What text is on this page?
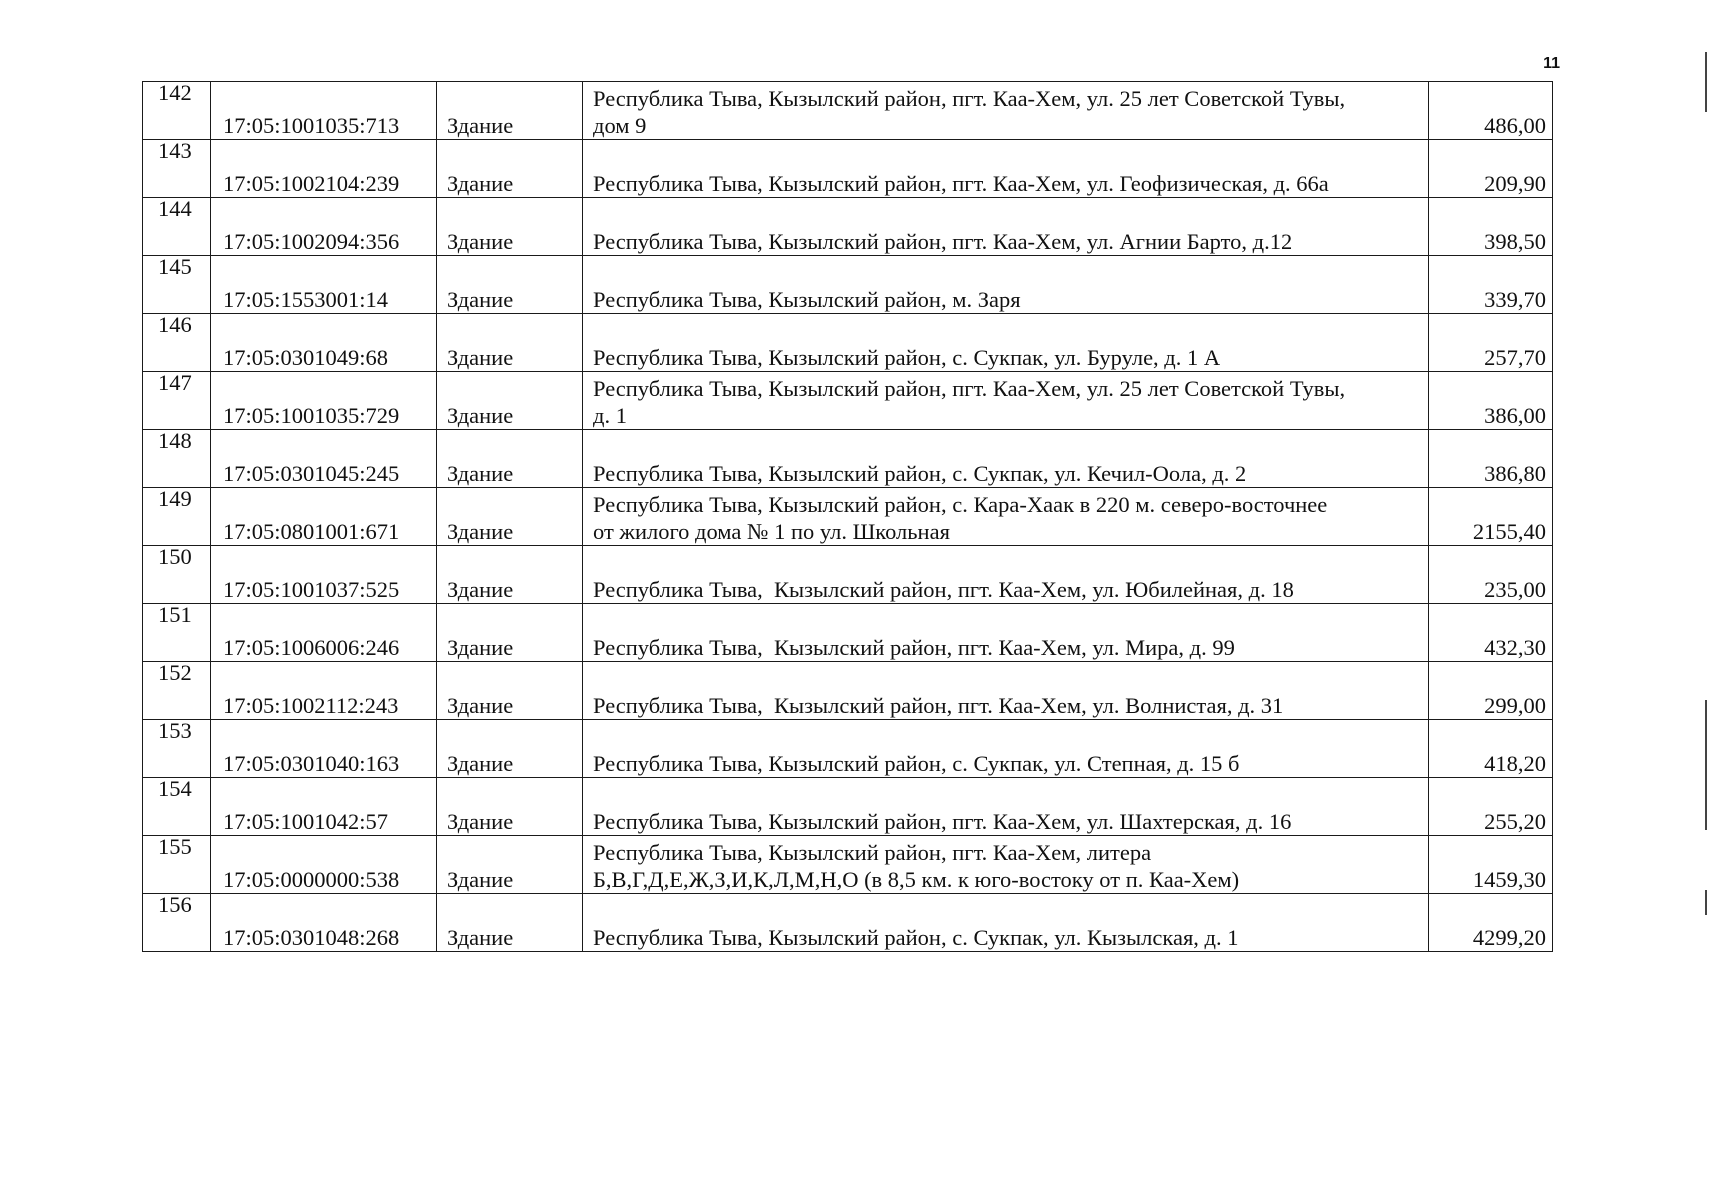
11
142	17:05:1001035:713	Здание	Республика Тыва, Кызылский район, пгт. Каа-Хем, ул. 25 лет Советской Тувы,
дом 9	486,00

143	17:05:1002104:239	Здание	Республика Тыва, Кызылский район, пгт. Каа-Хем, ул. Геофизическая, д. 66а	209,90

144	17:05:1002094:356	Здание	Республика Тыва, Кызылский район, пгт. Каа-Хем, ул. Агнии Барто, д.12	398,50

145	17:05:1553001:14	Здание	Республика Тыва, Кызылский район, м. Заря	339,70

146	17:05:0301049:68	Здание	Республика Тыва, Кызылский район, с. Сукпак, ул. Буруле, д. 1 А	257,70

147	17:05:1001035:729	Здание	Республика Тыва, Кызылский район, пгт. Каа-Хем, ул. 25 лет Советской Тувы,
д. 1	386,00

148	17:05:0301045:245	Здание	Республика Тыва, Кызылский район, с. Сукпак, ул. Кечил-Оола, д. 2	386,80

149	17:05:0801001:671	Здание	Республика Тыва, Кызылский район, с. Кара-Хаак в 220 м. северо-восточнее
от жилого дома № 1 по ул. Школьная	2155,40

150	17:05:1001037:525	Здание	Республика Тыва,  Кызылский район, пгт. Каа-Хем, ул. Юбилейная, д. 18	235,00

151	17:05:1006006:246	Здание	Республика Тыва,  Кызылский район, пгт. Каа-Хем, ул. Мира, д. 99	432,30

152	17:05:1002112:243	Здание	Республика Тыва,  Кызылский район, пгт. Каа-Хем, ул. Волнистая, д. 31	299,00

153	17:05:0301040:163	Здание	Республика Тыва, Кызылский район, с. Сукпак, ул. Степная, д. 15 б	418,20

154	17:05:1001042:57	Здание	Республика Тыва, Кызылский район, пгт. Каа-Хем, ул. Шахтерская, д. 16	255,20

155	17:05:0000000:538	Здание	Республика Тыва, Кызылский район, пгт. Каа-Хем, литера
Б,В,Г,Д,Е,Ж,З,И,К,Л,М,Н,О (в 8,5 км. к юго-востоку от п. Каа-Хем)	1459,30

156	17:05:0301048:268	Здание	Республика Тыва, Кызылский район, с. Сукпак, ул. Кызылская, д. 1	4299,20
